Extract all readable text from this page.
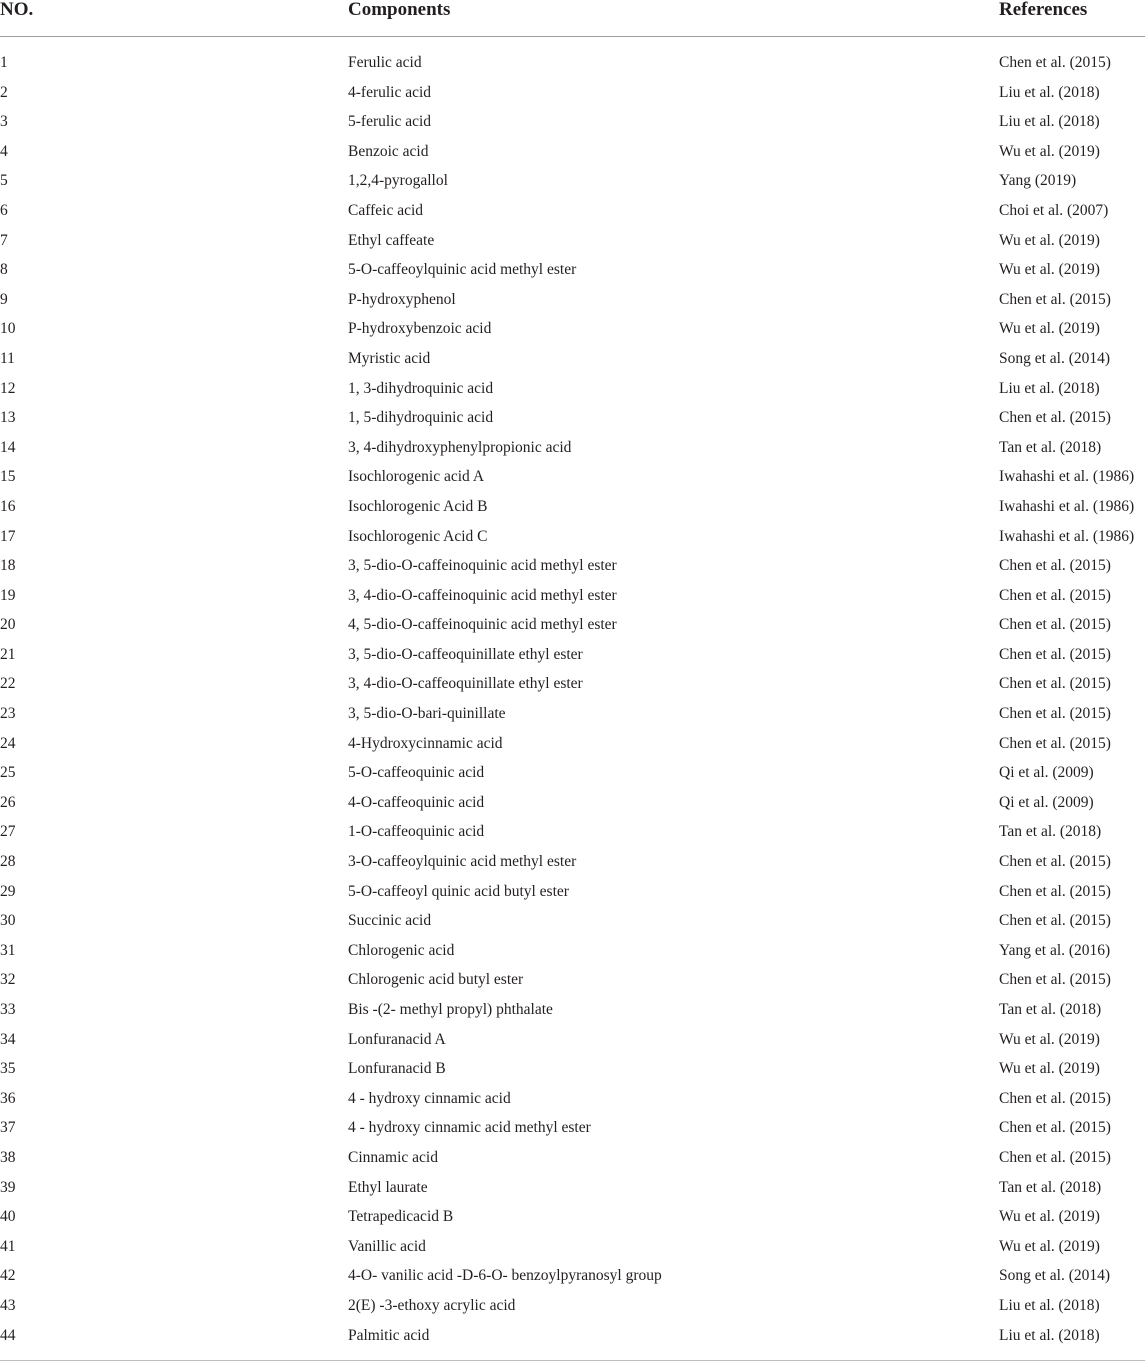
NO.	Components	References
1	Ferulic acid	Chen et al. (2015)
2	4-ferulic acid	Liu et al. (2018)
3	5-ferulic acid	Liu et al. (2018)
4	Benzoic acid	Wu et al. (2019)
5	1,2,4-pyrogallol	Yang (2019)
6	Caffeic acid	Choi et al. (2007)
7	Ethyl caffeate	Wu et al. (2019)
8	5-O-caffeoylquinic acid methyl ester	Wu et al. (2019)
9	P-hydroxyphenol	Chen et al. (2015)
10	P-hydroxybenzoic acid	Wu et al. (2019)
11	Myristic acid	Song et al. (2014)
12	1, 3-dihydroquinic acid	Liu et al. (2018)
13	1, 5-dihydroquinic acid	Chen et al. (2015)
14	3, 4-dihydroxyphenylpropionic acid	Tan et al. (2018)
15	Isochlorogenic acid A	Iwahashi et al. (1986)
16	Isochlorogenic Acid B	Iwahashi et al. (1986)
17	Isochlorogenic Acid C	Iwahashi et al. (1986)
18	3, 5-dio-O-caffeinoquinic acid methyl ester	Chen et al. (2015)
19	3, 4-dio-O-caffeinoquinic acid methyl ester	Chen et al. (2015)
20	4, 5-dio-O-caffeinoquinic acid methyl ester	Chen et al. (2015)
21	3, 5-dio-O-caffeoquinillate ethyl ester	Chen et al. (2015)
22	3, 4-dio-O-caffeoquinillate ethyl ester	Chen et al. (2015)
23	3, 5-dio-O-bari-quinillate	Chen et al. (2015)
24	4-Hydroxycinnamic acid	Chen et al. (2015)
25	5-O-caffeoquinic acid	Qi et al. (2009)
26	4-O-caffeoquinic acid	Qi et al. (2009)
27	1-O-caffeoquinic acid	Tan et al. (2018)
28	3-O-caffeoylquinic acid methyl ester	Chen et al. (2015)
29	5-O-caffeoyl quinic acid butyl ester	Chen et al. (2015)
30	Succinic acid	Chen et al. (2015)
31	Chlorogenic acid	Yang et al. (2016)
32	Chlorogenic acid butyl ester	Chen et al. (2015)
33	Bis -(2- methyl propyl) phthalate	Tan et al. (2018)
34	Lonfuranacid A	Wu et al. (2019)
35	Lonfuranacid B	Wu et al. (2019)
36	4 - hydroxy cinnamic acid	Chen et al. (2015)
37	4 - hydroxy cinnamic acid methyl ester	Chen et al. (2015)
38	Cinnamic acid	Chen et al. (2015)
39	Ethyl laurate	Tan et al. (2018)
40	Tetrapedicacid B	Wu et al. (2019)
41	Vanillic acid	Wu et al. (2019)
42	4-O- vanilic acid -D-6-O- benzoylpyranosyl group	Song et al. (2014)
43	2(E) -3-ethoxy acrylic acid	Liu et al. (2018)
44	Palmitic acid	Liu et al. (2018)
